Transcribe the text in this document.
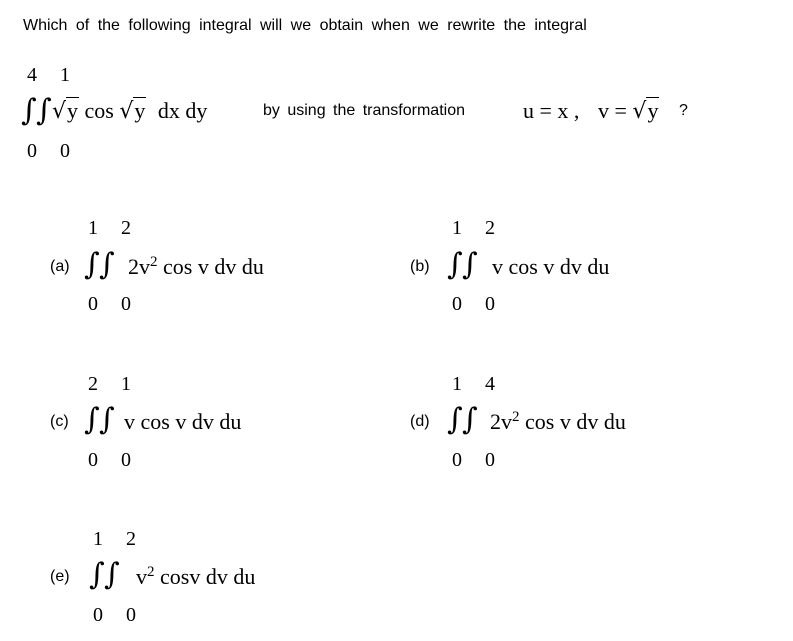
Which of the following integral will we obtain when we rewrite the integral
4 1
∫∫ √y cos √y dx dy
0 0
by using the transformation	u = x , v = √y ?
(a)
1 2
∫∫ $2v^2$ cos v dv du
0 0
(b)
1 2
∫∫ v cos v dv du
0 0
(c)
2 1
∫∫ v cos v dv du
0 0
(d)
1 4
∫∫ $2v^2$ cos v dv du
0 0
(e)
1 2
∫∫ $v^2$ cosv dv du
0 0
